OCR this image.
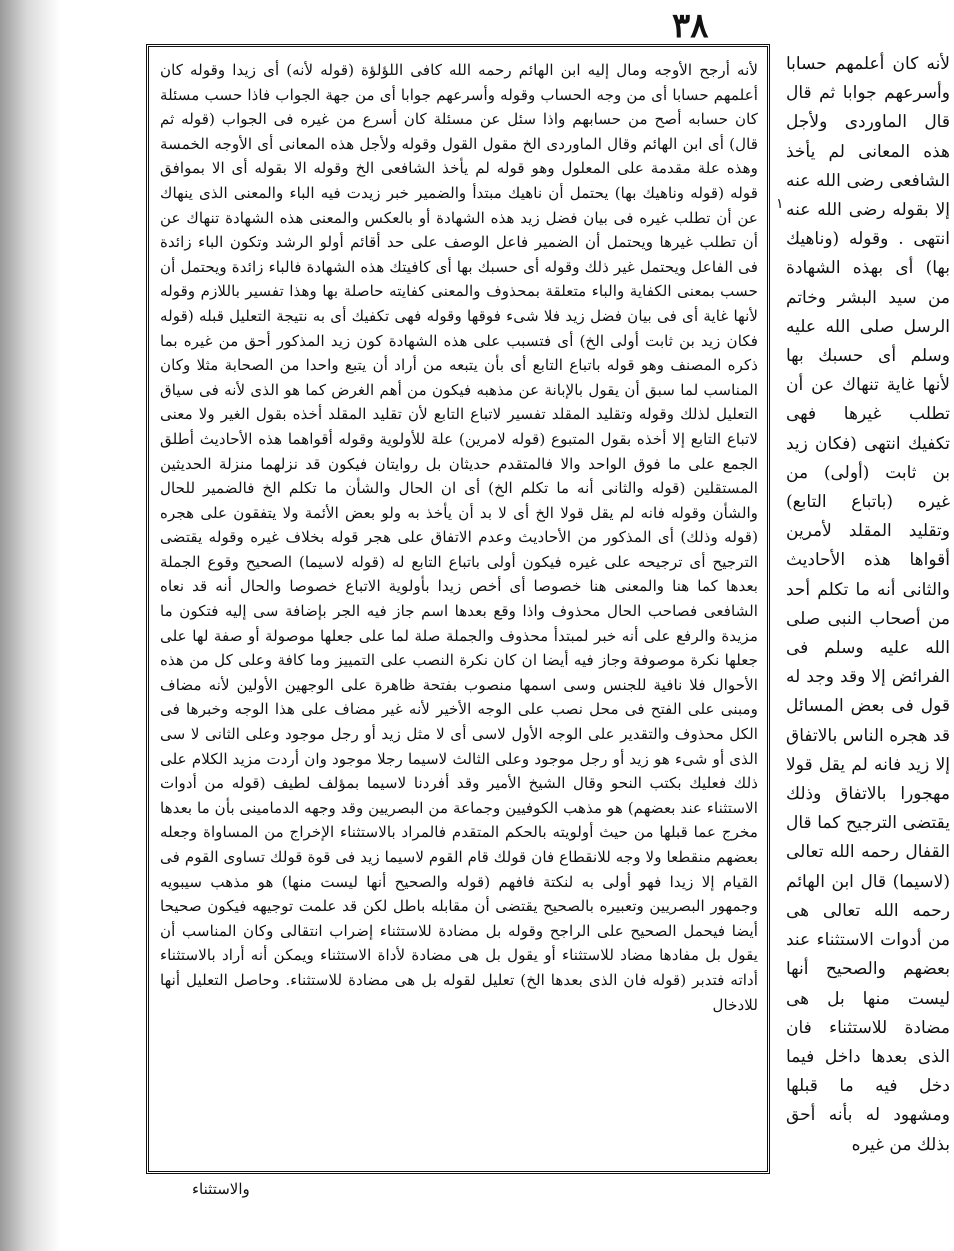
٣٨

لأنه أرجح الأوجه ومال إليه ابن الهائم رحمه الله كافى اللؤلؤة (قوله لأنه) أى زيدا وقوله كان أعلمهم حسابا أى من وجه الحساب وقوله وأسرعهم جوابا أى من جهة الجواب فاذا حسب مسئلة كان حسابه أصح من حسابهم واذا سئل عن مسئلة كان أسرع من غيره فى الجواب (قوله ثم قال) أى ابن الهائم وقال الماوردى الخ مقول القول وقوله ولأجل هذه المعانى أى الأوجه الخمسة وهذه علة مقدمة على المعلول وهو قوله لم يأخذ الشافعى الخ وقوله الا بقوله أى الا بموافق قوله (قوله وناهيك بها) يحتمل أن ناهيك مبتدأ والضمير خبر زيدت فيه الباء والمعنى الذى ينهاك عن أن تطلب غيره فى بيان فضل زيد هذه الشهادة أو بالعكس والمعنى هذه الشهادة تنهاك عن أن تطلب غيرها ويحتمل أن الضمير فاعل الوصف على حد أقائم أولو الرشد وتكون الباء زائدة فى الفاعل ويحتمل غير ذلك وقوله أى حسبك بها أى كافيتك هذه الشهادة فالباء زائدة ويحتمل أن حسب بمعنى الكفاية والباء متعلقة بمحذوف والمعنى كفايته حاصلة بها وهذا تفسير باللازم وقوله لأنها غاية أى فى بيان فضل زيد فلا شىء فوقها وقوله فهى تكفيك أى به نتيجة التعليل قبله (قوله فكان زيد بن ثابت أولى الخ) أى فتسبب على هذه الشهادة كون زيد المذكور أحق من غيره بما ذكره المصنف وهو قوله باتباع التابع أى بأن يتبعه من أراد أن يتبع واحدا من الصحابة مثلا وكان المناسب لما سبق أن يقول بالإبانة عن مذهبه فيكون من أهم الغرض كما هو الذى لأنه فى سياق التعليل لذلك وقوله وتقليد المقلد تفسير لاتباع التابع لأن تقليد المقلد أخذه بقول الغير ولا معنى لاتباع التابع إلا أخذه بقول المتبوع (قوله لامرين) علة للأولوية وقوله أقواهما هذه الأحاديث أطلق الجمع على ما فوق الواحد والا فالمتقدم حديثان بل روايتان فيكون قد نزلهما منزلة الحديثين المستقلين (قوله والثانى أنه ما تكلم الخ) أى ان الحال والشأن ما تكلم الخ فالضمير للحال والشأن وقوله فانه لم يقل قولا الخ أى لا بد أن يأخذ به ولو بعض الأئمة ولا يتفقون على هجره (قوله وذلك) أى المذكور من الأحاديث وعدم الاتفاق على هجر قوله بخلاف غيره وقوله يقتضى الترجيح أى ترجيحه على غيره فيكون أولى باتباع التابع له (قوله لاسيما) الصحيح وقوع الجملة بعدها كما هنا والمعنى هنا خصوصا أى أخص زيدا بأولوية الاتباع خصوصا والحال أنه قد نعاه الشافعى فصاحب الحال محذوف واذا وقع بعدها اسم جاز فيه الجر بإضافة سى إليه فتكون ما مزيدة والرفع على أنه خبر لمبتدأ محذوف والجملة صلة لما على جعلها موصولة أو صفة لها على جعلها نكرة موصوفة وجاز فيه أيضا ان كان نكرة النصب على التمييز وما كافة وعلى كل من هذه الأحوال فلا نافية للجنس وسى اسمها منصوب بفتحة ظاهرة على الوجهين الأولين لأنه مضاف ومبنى على الفتح فى محل نصب على الوجه الأخير لأنه غير مضاف على هذا الوجه وخبرها فى الكل محذوف والتقدير على الوجه الأول لاسى أى لا مثل زيد أو رجل موجود وعلى الثانى لا سى الذى أو شىء هو زيد أو رجل موجود وعلى الثالث لاسيما رجلا موجود وان أردت مزيد الكلام على ذلك فعليك بكتب النحو وقال الشيخ الأمير وقد أفردنا لاسيما بمؤلف لطيف (قوله من أدوات الاستثناء عند بعضهم) هو مذهب الكوفيين وجماعة من البصريين وقد وجهه الدمامينى بأن ما بعدها مخرج عما قبلها من حيث أولويته بالحكم المتقدم فالمراد بالاستثناء الإخراج من المساواة وجعله بعضهم منقطعا ولا وجه للانقطاع فان قولك قام القوم لاسيما زيد فى قوة قولك تساوى القوم فى القيام إلا زيدا فهو أولى به لنكتة فافهم (قوله والصحيح أنها ليست منها) هو مذهب سيبويه وجمهور البصريين وتعبيره بالصحيح يقتضى أن مقابله باطل لكن قد علمت توجيهه فيكون صحيحا أيضا فيحمل الصحيح على الراجح وقوله بل مضادة للاستثناء إضراب انتقالى وكان المناسب أن يقول بل مفادها مضاد للاستثناء أو يقول بل هى مضادة لأداة الاستثناء ويمكن أنه أراد بالاستثناء أداته فتدبر (قوله فان الذى بعدها الخ) تعليل لقوله بل هى مضادة للاستثناء. وحاصل التعليل أنها للادخال

١

لأنه كان أعلمهم حسابا وأسرعهم جوابا ثم قال قال الماوردى ولأجل هذه المعانى لم يأخذ الشافعى رضى الله عنه إلا بقوله رضى الله عنه انتهى . وقوله (وناهيك بها) أى بهذه الشهادة من سيد البشر وخاتم الرسل صلى الله عليه وسلم أى حسبك بها لأنها غاية تنهاك عن أن تطلب غيرها فهى تكفيك انتهى (فكان زيد بن ثابت (أولى) من غيره (باتباع التابع) وتقليد المقلد لأمرين أقواها هذه الأحاديث والثانى أنه ما تكلم أحد من أصحاب النبى صلى الله عليه وسلم فى الفرائض إلا وقد وجد له قول فى بعض المسائل قد هجره الناس بالاتفاق إلا زيد فانه لم يقل قولا مهجورا بالاتفاق وذلك يقتضى الترجيح كما قال القفال رحمه الله تعالى (لاسيما) قال ابن الهائم رحمه الله تعالى هى من أدوات الاستثناء عند بعضهم والصحيح أنها ليست منها بل هى مضادة للاستثناء فان الذى بعدها داخل فيما دخل فيه ما قبلها ومشهود له بأنه أحق بذلك من غيره

والاستثناء
